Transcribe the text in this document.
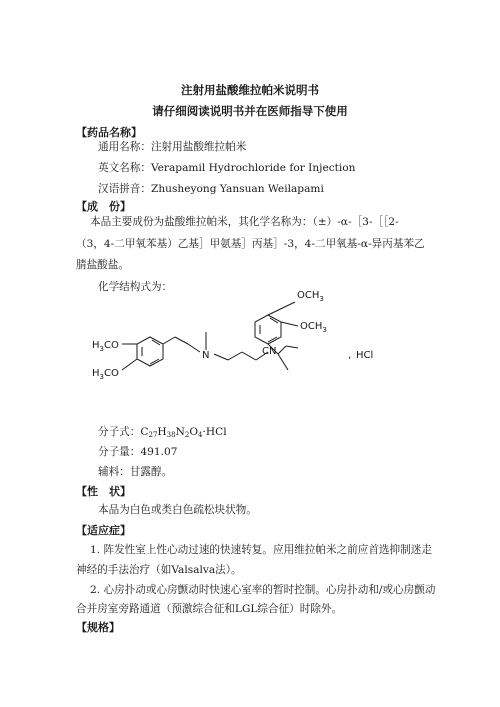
注射用盐酸维拉帕米说明书
请仔细阅读说明书并在医师指导下使用
【药品名称】
通用名称：注射用盐酸维拉帕米
英文名称：Verapamil Hydrochloride for Injection
汉语拼音：Zhusheyong Yansuan Weilapami
【成　份】
本品主要成份为盐酸维拉帕米，其化学名称为：（±）-α-［3-［［2-
（3，4-二甲氧苯基）乙基］甲氨基］丙基］-3，4-二甲氧基-α-异丙基苯乙
腈盐酸盐。
化学结构式为：
$OCH_3$
$OCH_3$
$H_3CO$
$H_3CO$
N	CN	, HCl
分子式：$C_{27}H_{38}N_2O_4\cdot HCl$
分子量：491.07
辅料：甘露醇。
【性　状】
本品为白色或类白色疏松块状物。
【适应症】
1. 阵发性室上性心动过速的快速转复。应用维拉帕米之前应首选抑制迷走
神经的手法治疗（如Valsalva法）。
2. 心房扑动或心房颤动时快速心室率的暂时控制。心房扑动和/或心房颤动
合并房室旁路通道（预激综合征和LGL综合征）时除外。
【规格】
